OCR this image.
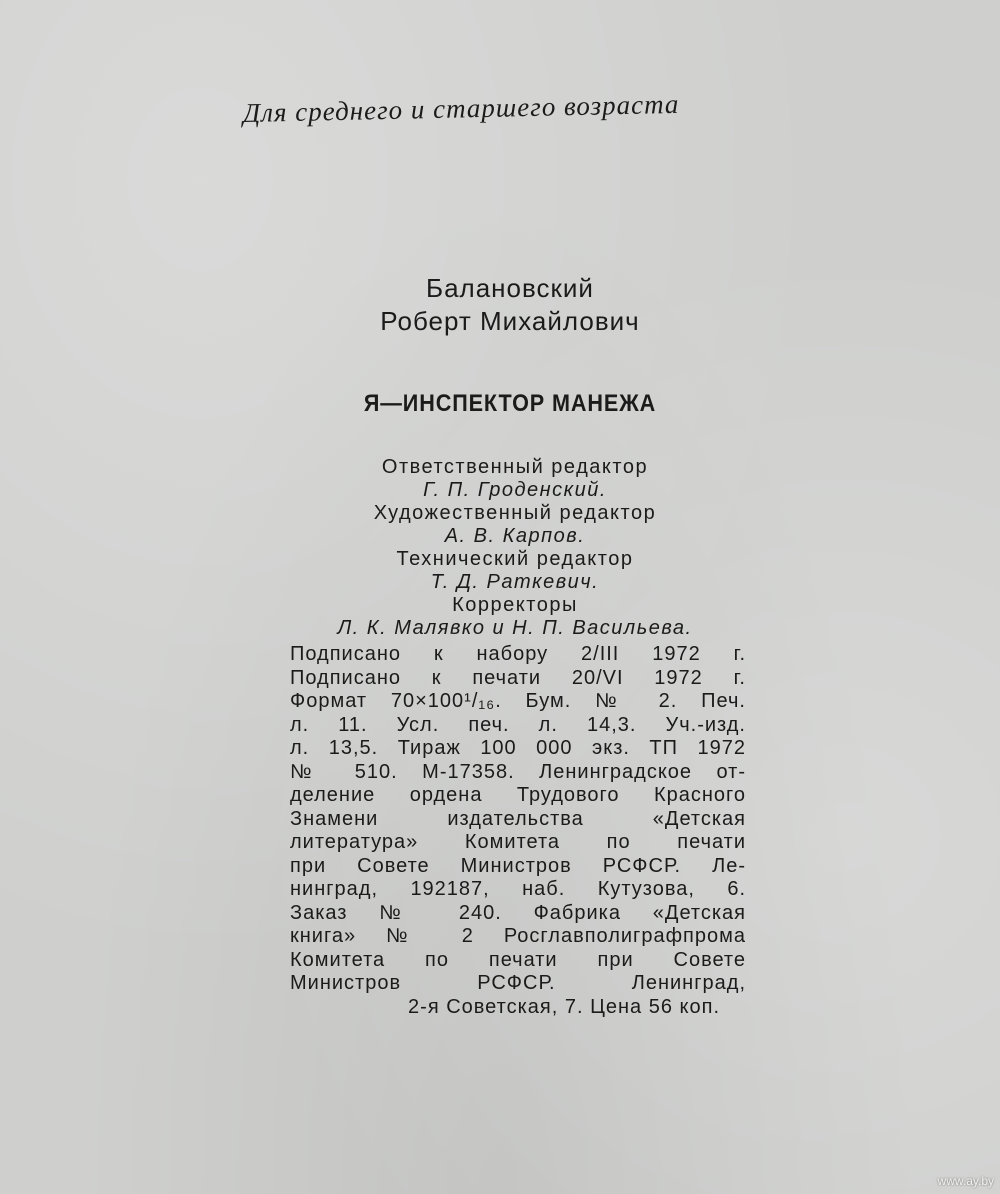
Для среднего и старшего возраста
Балановский
Роберт Михайлович
Я—ИНСПЕКТОР МАНЕЖА
Ответственный редактор
Г. П. Гроденский.
Художественный редактор
А. В. Карпов.
Технический редактор
Т. Д. Раткевич.
Корректоры
Л. К. Малявко и Н. П. Васильева.
Подписано к набору 2/III 1972 г.
Подписано к печати 20/VI 1972 г.
Формат 70×100¹/₁₆. Бум. № 2. Печ.
л. 11. Усл. печ. л. 14,3. Уч.-изд.
л. 13,5. Тираж 100 000 экз. ТП 1972
№ 510. М-17358. Ленинградское от-
деление ордена Трудового Красного
Знамени издательства «Детская
литература» Комитета по печати
при Совете Министров РСФСР. Ле-
нинград, 192187, наб. Кутузова, 6.
Заказ № 240. Фабрика «Детская
книга» № 2 Росглавполиграфпрома
Комитета по печати при Совете
Министров РСФСР. Ленинград,
2-я Советская, 7. Цена 56 коп.
www.ay.by
